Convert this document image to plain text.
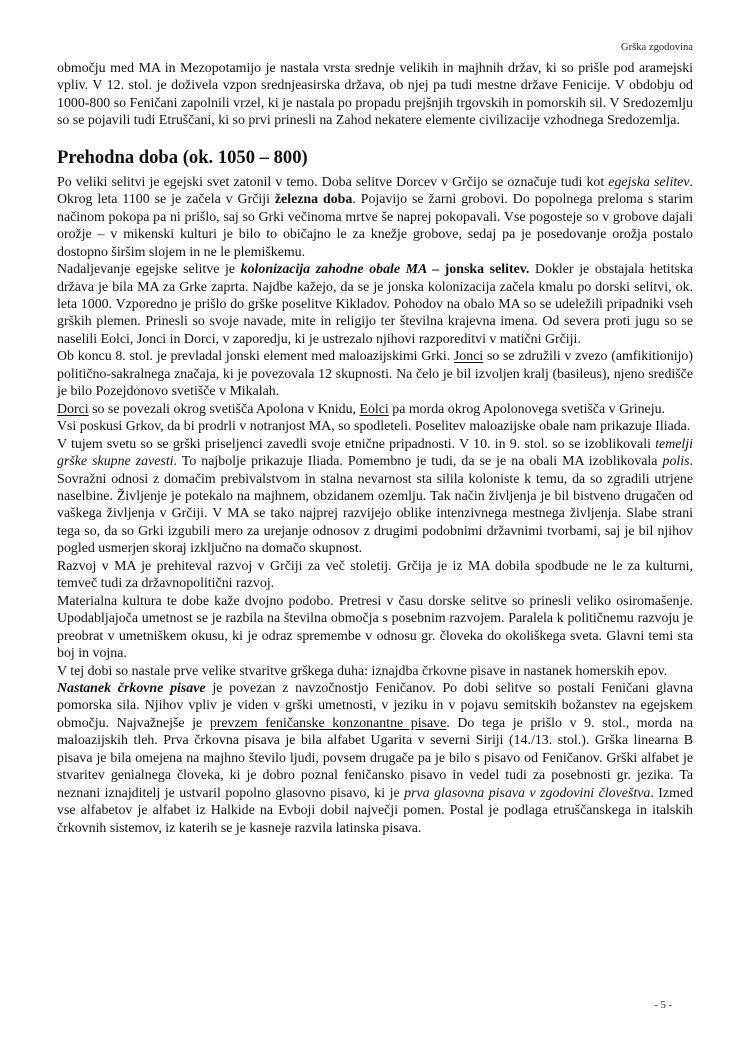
Grška zgodovina

območju med MA in Mezopotamijo je nastala vrsta srednje velikih in majhnih držav, ki so prišle pod aramejski vpliv. V 12. stol. je doživela vzpon srednjeasirska država, ob njej pa tudi mestne države Fenicije. V obdobju od 1000-800 so Feničani zapolnili vrzel, ki je nastala po propadu prejšnjih trgovskih in pomorskih sil. V Sredozemlju so se pojavili tudi Etruščani, ki so prvi prinesli na Zahod nekatere elemente civilizacije vzhodnega Sredozemlja.

Prehodna doba (ok. 1050 – 800)

Po veliki selitvi je egejski svet zatonil v temo. Doba selitve Dorcev v Grčijo se označuje tudi kot egejska selitev. Okrog leta 1100 se je začela v Grčiji železna doba. Pojavijo se žarni grobovi. Do popolnega preloma s starim načinom pokopa pa ni prišlo, saj so Grki večinoma mrtve še naprej pokopavali. Vse pogosteje so v grobove dajali orožje – v mikenski kulturi je bilo to običajno le za knežje grobove, sedaj pa je posedovanje orožja postalo dostopno širšim slojem in ne le plemiškemu.

Nadaljevanje egejske selitve je kolonizacija zahodne obale MA – jonska selitev. Dokler je obstajala hetitska država je bila MA za Grke zaprta. Najdbe kažejo, da se je jonska kolonizacija začela kmalu po dorski selitvi, ok. leta 1000. Vzporedno je prišlo do grške poselitve Kikladov. Pohodov na obalo MA so se udeležili pripadniki vseh grških plemen. Prinesli so svoje navade, mite in religijo ter številna krajevna imena. Od severa proti jugu so se naselili Eolci, Jonci in Dorci, v zaporedju, ki je ustrezalo njihovi razporeditvi v matični Grčiji.

Ob koncu 8. stol. je prevladal jonski element med maloazijskimi Grki. Jonci so se združili v zvezo (amfikitionijo) politično-sakralnega značaja, ki je povezovala 12 skupnosti. Na čelo je bil izvoljen kralj (basileus), njeno središče je bilo Pozejdonovo svetišče v Mikalah.

Dorci so se povezali okrog svetišča Apolona v Knidu, Eolci pa morda okrog Apolonovega svetišča v Grineju.

Vsi poskusi Grkov, da bi prodrli v notranjost MA, so spodleteli. Poselitev maloazijske obale nam prikazuje Iliada.

V tujem svetu so se grški priseljenci zavedli svoje etnične pripadnosti. V 10. in 9. stol. so se izoblikovali temelji grške skupne zavesti. To najbolje prikazuje Iliada. Pomembno je tudi, da se je na obali MA izoblikovala polis. Sovražni odnosi z domačim prebivalstvom in stalna nevarnost sta silila koloniste k temu, da so zgradili utrjene naselbine. Življenje je potekalo na majhnem, obzidanem ozemlju. Tak način življenja je bil bistveno drugačen od vaškega življenja v Grčiji. V MA se tako najprej razvijejo oblike intenzivnega mestnega življenja. Slabe strani tega so, da so Grki izgubili mero za urejanje odnosov z drugimi podobnimi državnimi tvorbami, saj je bil njihov pogled usmerjen skoraj izključno na domačo skupnost.

Razvoj v MA je prehiteval razvoj v Grčiji za več stoletij. Grčija je iz MA dobila spodbude ne le za kulturni, temveč tudi za državnopolitični razvoj.

Materialna kultura te dobe kaže dvojno podobo. Pretresi v času dorske selitve so prinesli veliko osiromašenje. Upodabljajoča umetnost se je razbila na številna območja s posebnim razvojem. Paralela k političnemu razvoju je preobrat v umetniškem okusu, ki je odraz spremembe v odnosu gr. človeka do okoliškega sveta. Glavni temi sta boj in vojna.

V tej dobi so nastale prve velike stvaritve grškega duha: iznajdba črkovne pisave in nastanek homerskih epov.

Nastanek črkovne pisave je povezan z navzočnostjo Feničanov. Po dobi selitve so postali Feničani glavna pomorska sila. Njihov vpliv je viden v grški umetnosti, v jeziku in v pojavu semitskih božanstev na egejskem območju. Najvažnejše je prevzem feničanske konzonantne pisave. Do tega je prišlo v 9. stol., morda na maloazijskih tleh. Prva črkovna pisava je bila alfabet Ugarita v severni Siriji (14./13. stol.). Grška linearna B pisava je bila omejena na majhno število ljudi, povsem drugače pa je bilo s pisavo od Feničanov. Grški alfabet je stvaritev genialnega človeka, ki je dobro poznal feničansko pisavo in vedel tudi za posebnosti gr. jezika. Ta neznani iznajditelj je ustvaril popolno glasovno pisavo, ki je prva glasovna pisava v zgodovini človeštva. Izmed vse alfabetov je alfabet iz Halkide na Evboji dobil največji pomen. Postal je podlaga etruščanskega in italskih črkovnih sistemov, iz katerih se je kasneje razvila latinska pisava.

- 5 -
